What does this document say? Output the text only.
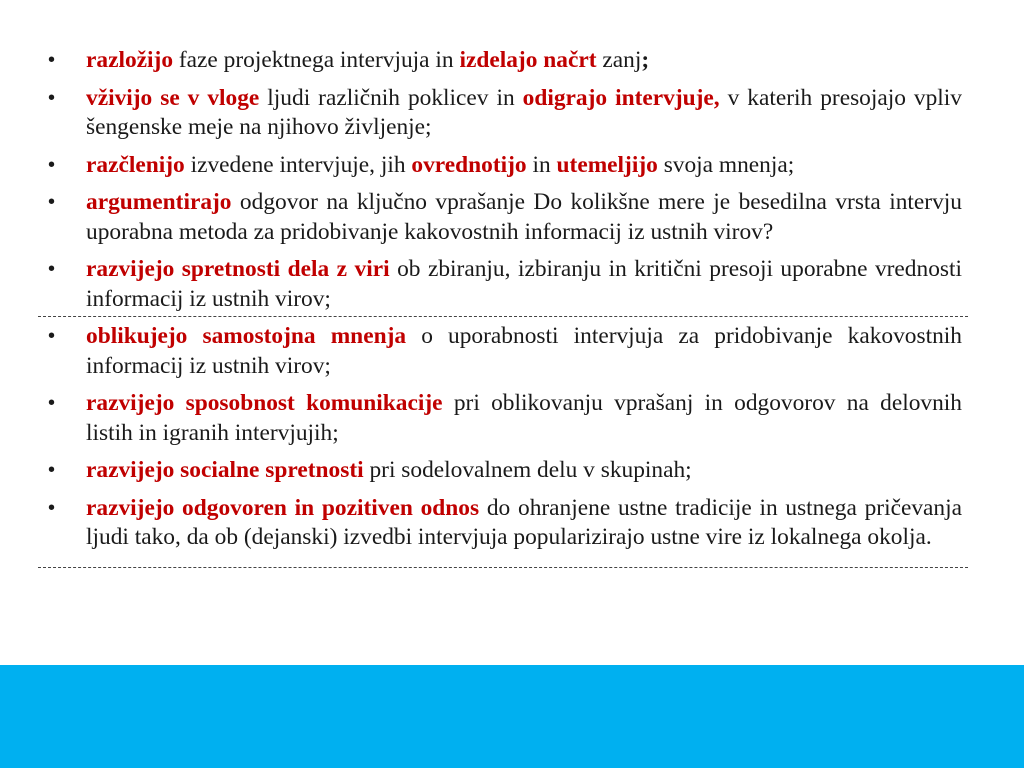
• razložijo faze projektnega intervjuja in izdelajo načrt zanj;
• vživijo se v vloge ljudi različnih poklicev in odigrajo intervjuje, v katerih presojajo vpliv šengenske meje na njihovo življenje;
• razčlenijo izvedene intervjuje, jih ovrednotijo in utemeljijo svoja mnenja;
• argumentirajo odgovor na ključno vprašanje Do kolikšne mere je besedilna vrsta intervju uporabna metoda za pridobivanje kakovostnih informacij iz ustnih virov?
• razvijejo spretnosti dela z viri ob zbiranju, izbiranju in kritični presoji uporabne vrednosti informacij iz ustnih virov;
• oblikujejo samostojna mnenja o uporabnosti intervjuja za pridobivanje kakovostnih informacij iz ustnih virov;
• razvijejo sposobnost komunikacije pri oblikovanju vprašanj in odgovorov na delovnih listih in igranih intervjujih;
• razvijejo socialne spretnosti pri sodelovalnem delu v skupinah;
• razvijejo odgovoren in pozitiven odnos do ohranjene ustne tradicije in ustnega pričevanja ljudi tako, da ob (dejanski) izvedbi intervjuja popularizirajo ustne vire iz lokalnega okolja.
